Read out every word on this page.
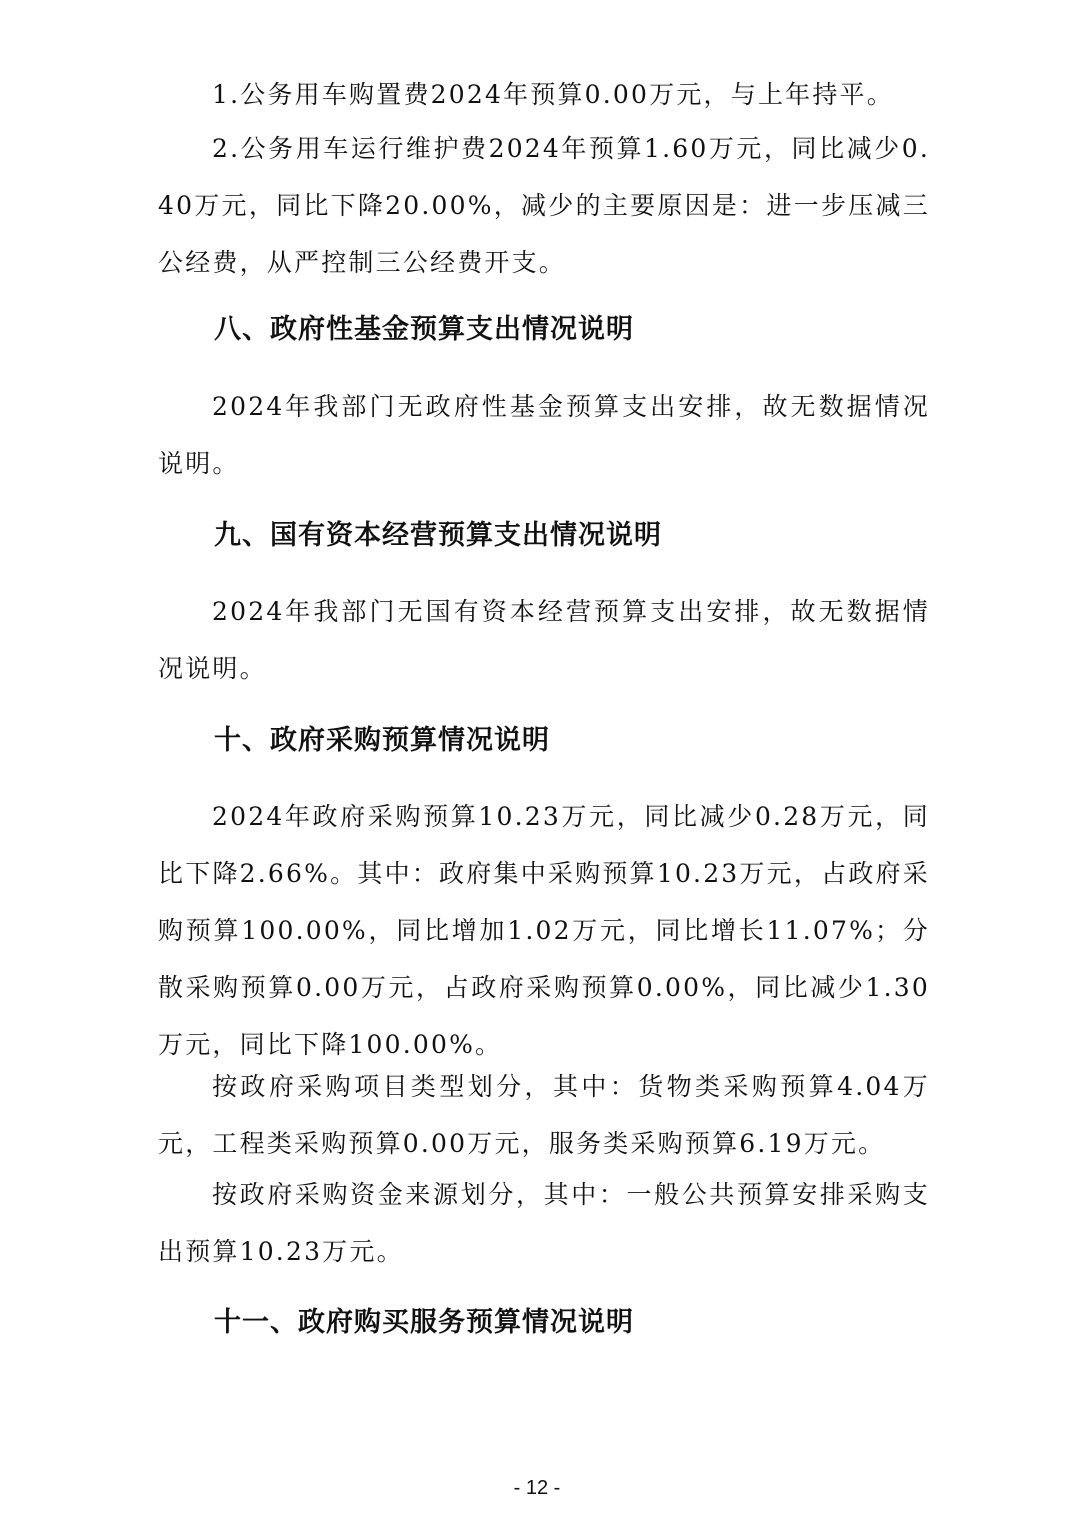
1.公务用车购置费2024年预算0.00万元，与上年持平。

2.公务用车运行维护费2024年预算1.60万元，同比减少0.40万元，同比下降20.00%，减少的主要原因是：进一步压减三公经费，从严控制三公经费开支。

八、政府性基金预算支出情况说明

2024年我部门无政府性基金预算支出安排，故无数据情况说明。

九、国有资本经营预算支出情况说明

2024年我部门无国有资本经营预算支出安排，故无数据情况说明。

十、政府采购预算情况说明

2024年政府采购预算10.23万元，同比减少0.28万元，同比下降2.66%。其中：政府集中采购预算10.23万元，占政府采购预算100.00%，同比增加1.02万元，同比增长11.07%；分散采购预算0.00万元，占政府采购预算0.00%，同比减少1.30万元，同比下降100.00%。

按政府采购项目类型划分，其中：货物类采购预算4.04万元，工程类采购预算0.00万元，服务类采购预算6.19万元。

按政府采购资金来源划分，其中：一般公共预算安排采购支出预算10.23万元。

十一、政府购买服务预算情况说明
- 12 -
